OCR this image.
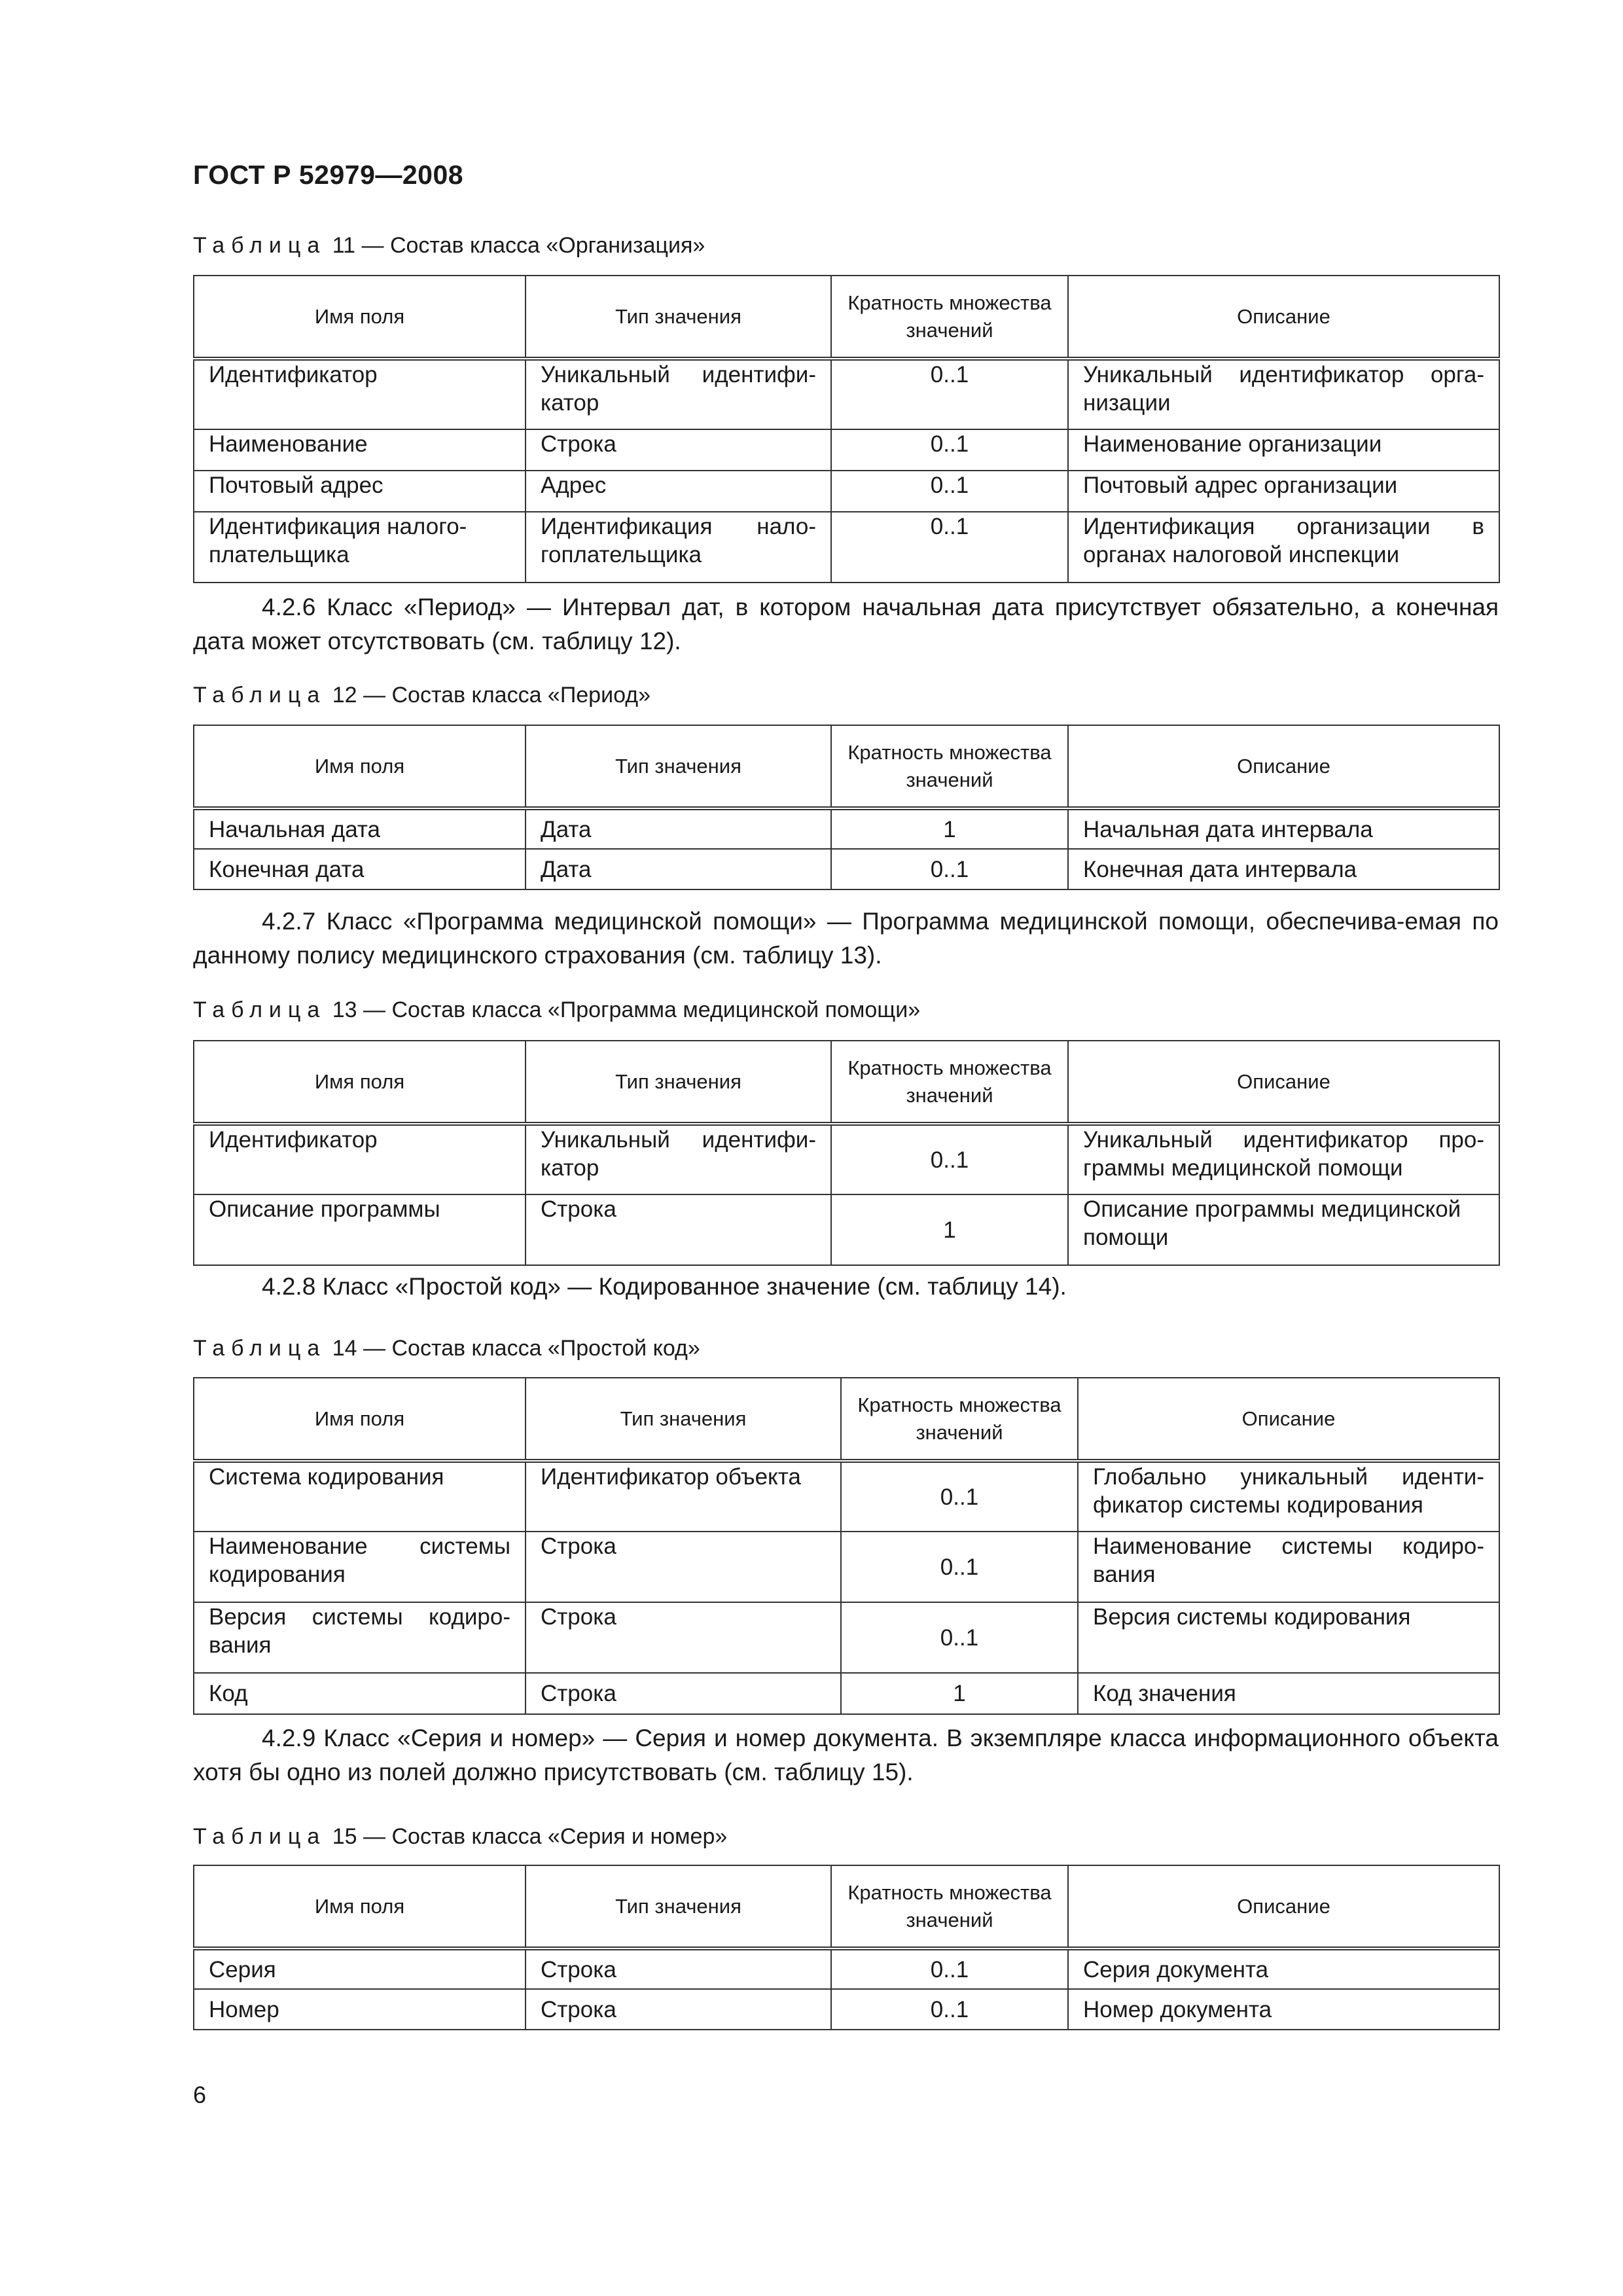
ГОСТ Р 52979—2008
Таблица 11 — Состав класса «Организация»
Имя поля	Тип значения	Кратность множества значений	Описание
Идентификатор	Уникальный идентифи-катор	0..1	Уникальный идентификатор орга-низации
Наименование	Строка	0..1	Наименование организации
Почтовый адрес	Адрес	0..1	Почтовый адрес организации
Идентификация налого-плательщика	Идентификация нало-гоплательщика	0..1	Идентификация организации в органах налоговой инспекции
4.2.6 Класс «Период» — Интервал дат, в котором начальная дата присутствует обязательно, а конечная дата может отсутствовать (см. таблицу 12).
Таблица 12 — Состав класса «Период»
Имя поля	Тип значения	Кратность множества значений	Описание
Начальная дата	Дата	1	Начальная дата интервала
Конечная дата	Дата	0..1	Конечная дата интервала
4.2.7 Класс «Программа медицинской помощи» — Программа медицинской помощи, обеспечива-емая по данному полису медицинского страхования (см. таблицу 13).
Таблица 13 — Состав класса «Программа медицинской помощи»
Имя поля	Тип значения	Кратность множества значений	Описание
Идентификатор	Уникальный идентифи-катор	0..1	Уникальный идентификатор про-граммы медицинской помощи
Описание программы	Строка	1	Описание программы медицинской помощи
4.2.8 Класс «Простой код» — Кодированное значение (см. таблицу 14).
Таблица 14 — Состав класса «Простой код»
Имя поля	Тип значения	Кратность множества значений	Описание
Система кодирования	Идентификатор объекта	0..1	Глобально уникальный иденти-фикатор системы кодирования
Наименование системы кодирования	Строка	0..1	Наименование системы кодиро-вания
Версия системы кодиро-вания	Строка	0..1	Версия системы кодирования
Код	Строка	1	Код значения
4.2.9 Класс «Серия и номер» — Серия и номер документа. В экземпляре класса информационного объекта хотя бы одно из полей должно присутствовать (см. таблицу 15).
Таблица 15 — Состав класса «Серия и номер»
Имя поля	Тип значения	Кратность множества значений	Описание
Серия	Строка	0..1	Серия документа
Номер	Строка	0..1	Номер документа
6
